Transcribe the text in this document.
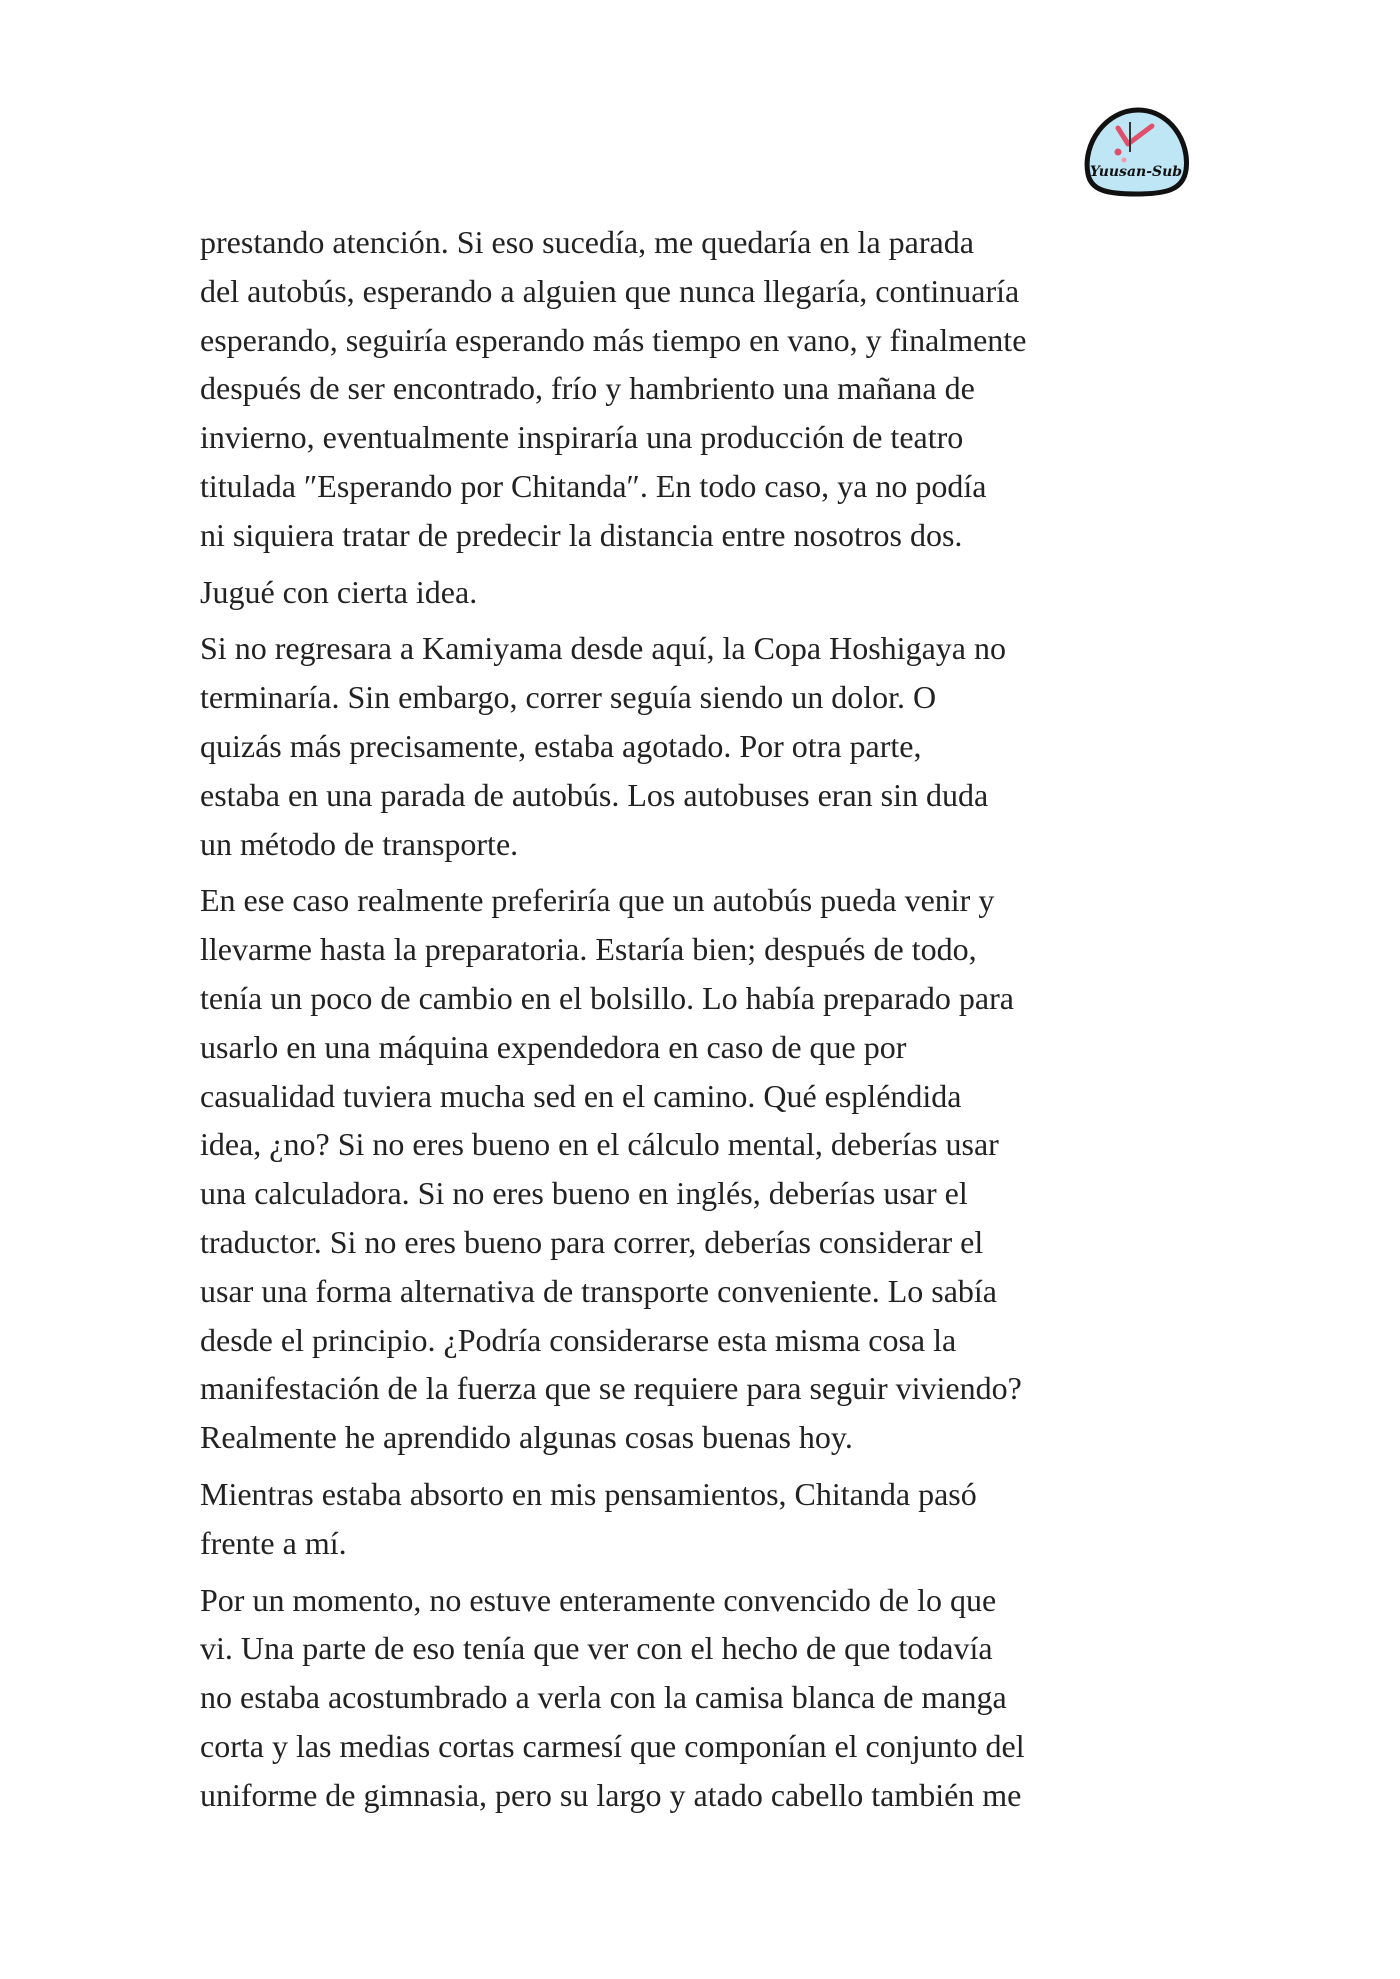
Yuusan-Sub

prestando atención. Si eso sucedía, me quedaría en la parada
del autobús, esperando a alguien que nunca llegaría, continuaría
esperando, seguiría esperando más tiempo en vano, y finalmente
después de ser encontrado, frío y hambriento una mañana de
invierno, eventualmente inspiraría una producción de teatro
titulada ″Esperando por Chitanda″. En todo caso, ya no podía
ni siquiera tratar de predecir la distancia entre nosotros dos.

Jugué con cierta idea.

Si no regresara a Kamiyama desde aquí, la Copa Hoshigaya no
terminaría. Sin embargo, correr seguía siendo un dolor. O
quizás más precisamente, estaba agotado. Por otra parte,
estaba en una parada de autobús. Los autobuses eran sin duda
un método de transporte.

En ese caso realmente preferiría que un autobús pueda venir y
llevarme hasta la preparatoria. Estaría bien; después de todo,
tenía un poco de cambio en el bolsillo. Lo había preparado para
usarlo en una máquina expendedora en caso de que por
casualidad tuviera mucha sed en el camino. Qué espléndida
idea, ¿no? Si no eres bueno en el cálculo mental, deberías usar
una calculadora. Si no eres bueno en inglés, deberías usar el
traductor. Si no eres bueno para correr, deberías considerar el
usar una forma alternativa de transporte conveniente. Lo sabía
desde el principio. ¿Podría considerarse esta misma cosa la
manifestación de la fuerza que se requiere para seguir viviendo?
Realmente he aprendido algunas cosas buenas hoy.

Mientras estaba absorto en mis pensamientos, Chitanda pasó
frente a mí.

Por un momento, no estuve enteramente convencido de lo que
vi. Una parte de eso tenía que ver con el hecho de que todavía
no estaba acostumbrado a verla con la camisa blanca de manga
corta y las medias cortas carmesí que componían el conjunto del
uniforme de gimnasia, pero su largo y atado cabello también me
